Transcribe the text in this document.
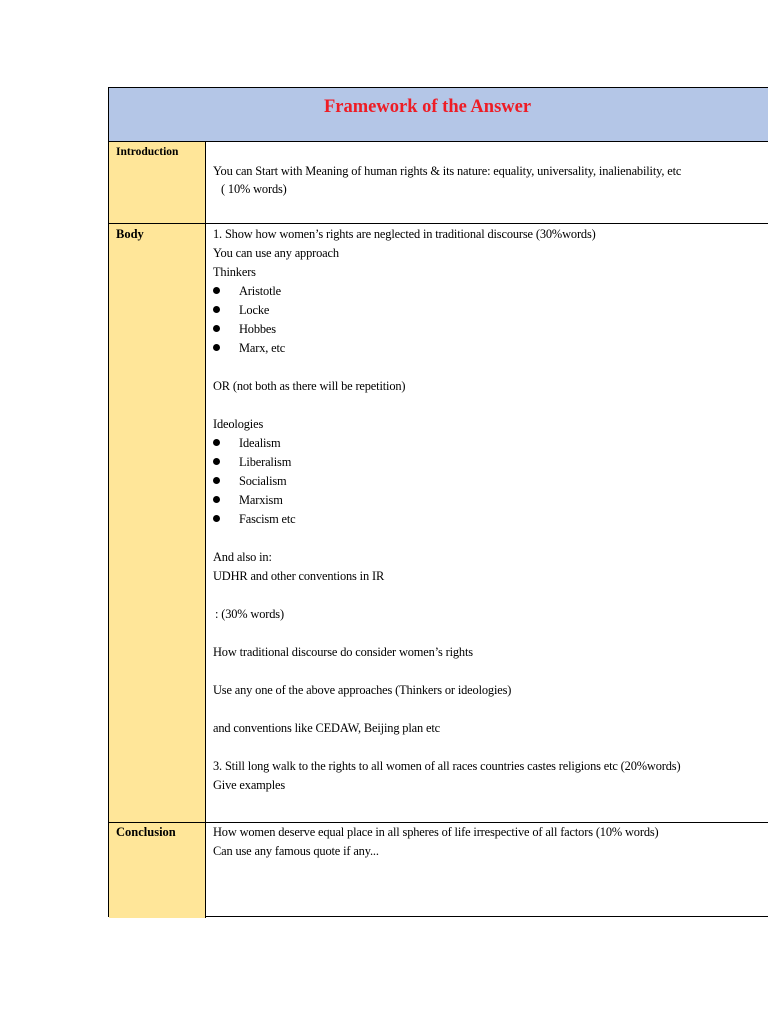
Framework of the Answer
Introduction
You can Start with Meaning of human rights & its nature: equality, universality, inalienability, etc
( 10% words)
Body	1. Show how women’s rights are neglected in traditional discourse (30%words)
You can use any approach
Thinkers
Aristotle
Locke
Hobbes
Marx, etc
OR (not both as there will be repetition)
Ideologies
Idealism
Liberalism
Socialism
Marxism
Fascism etc
And also in:
UDHR and other conventions in IR
: (30% words)
How traditional discourse do consider women’s rights
Use any one of the above approaches (Thinkers or ideologies)
and conventions like CEDAW, Beijing plan etc
3. Still long walk to the rights to all women of all races countries castes religions etc (20%words)
Give examples
Conclusion	How women deserve equal place in all spheres of life irrespective of all factors (10% words)
Can use any famous quote if any...
